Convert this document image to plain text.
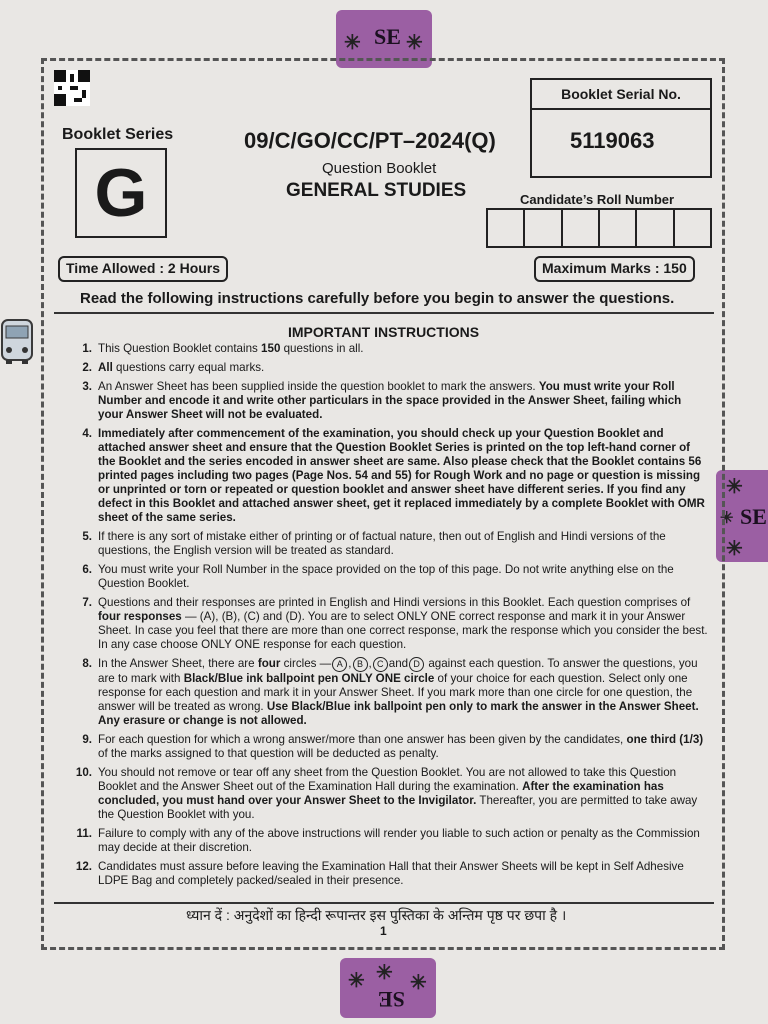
✳ SE ✳
✳
SE
✳
✳
✳ ✳
SE
✳
Booklet Series
G
09/C/GO/CC/PT–2024(Q)
Question Booklet
GENERAL STUDIES
Booklet Serial No.
5119063
Candidate’s Roll Number
Time Allowed : 2 Hours	Maximum Marks : 150
Read the following instructions carefully before you begin to answer the questions.
IMPORTANT INSTRUCTIONS
1. This Question Booklet contains 150 questions in all.
2. All questions carry equal marks.
3. An Answer Sheet has been supplied inside the question booklet to mark the answers. You must write your Roll Number and encode it and write other particulars in the space provided in the Answer Sheet, failing which your Answer Sheet will not be evaluated.
4. Immediately after commencement of the examination, you should check up your Question Booklet and attached answer sheet and ensure that the Question Booklet Series is printed on the top left-hand corner of the Booklet and the series encoded in answer sheet are same. Also please check that the Booklet contains 56 printed pages including two pages (Page Nos. 54 and 55) for Rough Work and no page or question is missing or unprinted or torn or repeated or question booklet and answer sheet have different series. If you find any defect in this Booklet and attached answer sheet, get it replaced immediately by a complete Booklet with OMR sheet of the same series.
5. If there is any sort of mistake either of printing or of factual nature, then out of English and Hindi versions of the questions, the English version will be treated as standard.
6. You must write your Roll Number in the space provided on the top of this page. Do not write anything else on the Question Booklet.
7. Questions and their responses are printed in English and Hindi versions in this Booklet. Each question comprises of four responses — (A), (B), (C) and (D). You are to select ONLY ONE correct response and mark it in your Answer Sheet. In case you feel that there are more than one correct response, mark the response which you consider the best. In any case choose ONLY ONE response for each question.
8. In the Answer Sheet, there are four circles — A , B , C and D against each question. To answer the questions, you are to mark with Black/Blue ink ballpoint pen ONLY ONE circle of your choice for each question. Select only one response for each question and mark it in your Answer Sheet. If you mark more than one circle for one question, the answer will be treated as wrong. Use Black/Blue ink ballpoint pen only to mark the answer in the Answer Sheet. Any erasure or change is not allowed.
9. For each question for which a wrong answer/more than one answer has been given by the candidates, one third (1/3) of the marks assigned to that question will be deducted as penalty.
10. You should not remove or tear off any sheet from the Question Booklet. You are not allowed to take this Question Booklet and the Answer Sheet out of the Examination Hall during the examination. After the examination has concluded, you must hand over your Answer Sheet to the Invigilator. Thereafter, you are permitted to take away the Question Booklet with you.
11. Failure to comply with any of the above instructions will render you liable to such action or penalty as the Commission may decide at their discretion.
12. Candidates must assure before leaving the Examination Hall that their Answer Sheets will be kept in Self Adhesive LDPE Bag and completely packed/sealed in their presence.
ध्यान दें : अनुदेशों का हिन्दी रूपान्तर इस पुस्तिका के अन्तिम पृष्ठ पर छपा है ।
1
